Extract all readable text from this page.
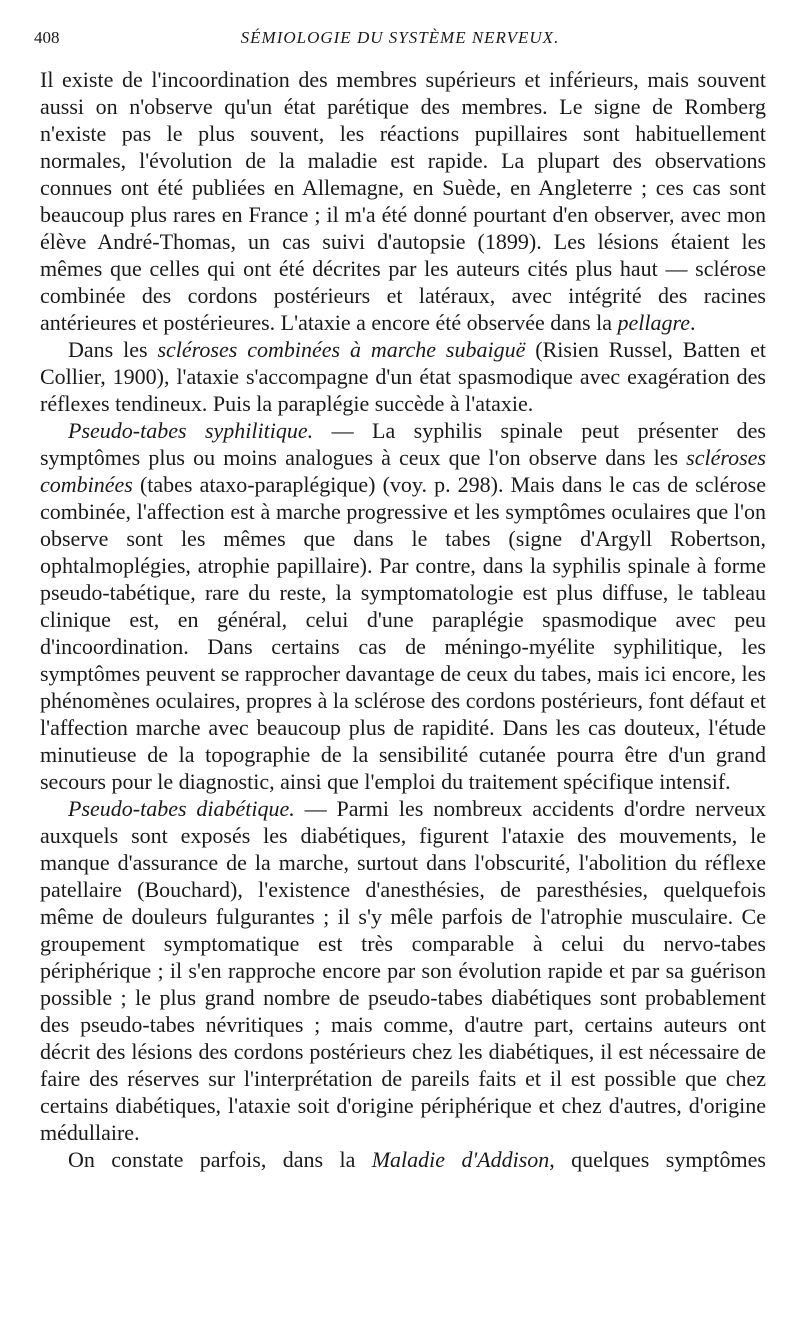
408	SÉMIOLOGIE DU SYSTÈME NERVEUX.

Il existe de l'incoordination des membres supérieurs et inférieurs, mais souvent aussi on n'observe qu'un état parétique des membres. Le signe de Romberg n'existe pas le plus souvent, les réactions pupillaires sont habituellement normales, l'évolution de la maladie est rapide. La plupart des observations connues ont été publiées en Allemagne, en Suède, en Angleterre ; ces cas sont beaucoup plus rares en France ; il m'a été donné pourtant d'en observer, avec mon élève André-Thomas, un cas suivi d'autopsie (1899). Les lésions étaient les mêmes que celles qui ont été décrites par les auteurs cités plus haut — sclérose combinée des cordons postérieurs et latéraux, avec intégrité des racines antérieures et postérieures. L'ataxie a encore été observée dans la pellagre.

Dans les scléroses combinées à marche subaiguë (Risien Russel, Batten et Collier, 1900), l'ataxie s'accompagne d'un état spasmodique avec exagération des réflexes tendineux. Puis la paraplégie succède à l'ataxie.

Pseudo-tabes syphilitique. — La syphilis spinale peut présenter des symptômes plus ou moins analogues à ceux que l'on observe dans les scléroses combinées (tabes ataxo-paraplégique) (voy. p. 298). Mais dans le cas de sclérose combinée, l'affection est à marche progressive et les symptômes oculaires que l'on observe sont les mêmes que dans le tabes (signe d'Argyll Robertson, ophtalmoplégies, atrophie papillaire). Par contre, dans la syphilis spinale à forme pseudo-tabétique, rare du reste, la symptomatologie est plus diffuse, le tableau clinique est, en général, celui d'une paraplégie spasmodique avec peu d'incoordination. Dans certains cas de méningo-myélite syphilitique, les symptômes peuvent se rapprocher davantage de ceux du tabes, mais ici encore, les phénomènes oculaires, propres à la sclérose des cordons postérieurs, font défaut et l'affection marche avec beaucoup plus de rapidité. Dans les cas douteux, l'étude minutieuse de la topographie de la sensibilité cutanée pourra être d'un grand secours pour le diagnostic, ainsi que l'emploi du traitement spécifique intensif.

Pseudo-tabes diabétique. — Parmi les nombreux accidents d'ordre nerveux auxquels sont exposés les diabétiques, figurent l'ataxie des mouvements, le manque d'assurance de la marche, surtout dans l'obscurité, l'abolition du réflexe patellaire (Bouchard), l'existence d'anesthésies, de paresthésies, quelquefois même de douleurs fulgurantes ; il s'y mêle parfois de l'atrophie musculaire. Ce groupement symptomatique est très comparable à celui du nervo-tabes périphérique ; il s'en rapproche encore par son évolution rapide et par sa guérison possible ; le plus grand nombre de pseudo-tabes diabétiques sont probablement des pseudo-tabes névritiques ; mais comme, d'autre part, certains auteurs ont décrit des lésions des cordons postérieurs chez les diabétiques, il est nécessaire de faire des réserves sur l'interprétation de pareils faits et il est possible que chez certains diabétiques, l'ataxie soit d'origine périphérique et chez d'autres, d'origine médullaire.

On constate parfois, dans la Maladie d'Addison, quelques symptômes
